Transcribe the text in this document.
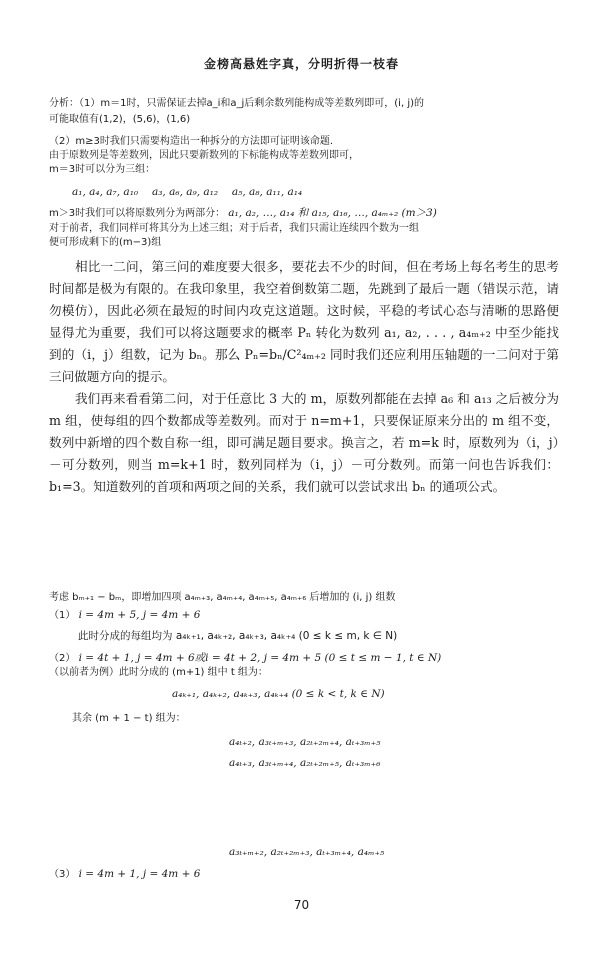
金榜高悬姓字真，分明折得一枝春
分析：（1）m＝1时，只需保证去掉a_i和a_j后剩余数列能构成等差数列即可，(i, j)的
可能取值有(1,2)，(5,6)，(1,6)
（2）m≥3时我们只需要构造出一种拆分的方法即可证明该命题.
由于原数列是等差数列，因此只要新数列的下标能构成等差数列即可，
m＝3时可以分为三组：
a₁, a₄, a₇, a₁₀　 a₃, a₆, a₉, a₁₂　 a₅, a₈, a₁₁, a₁₄
m＞3时我们可以将原数列分为两部分： a₁, a₂, …, a₁₄ 和 a₁₅, a₁₆, …, a₄ₘ₊₂ (m＞3)
对于前者，我们同样可将其分为上述三组；对于后者，我们只需让连续四个数为一组
便可形成剩下的(m−3)组

相比一二问，第三问的难度要大很多，要花去不少的时间，但在考场上每名考生的思考时间都是极为有限的。在我印象里，我空着倒数第二题，先跳到了最后一题（错误示范，请勿模仿），因此必须在最短的时间内攻克这道题。这时候，平稳的考试心态与清晰的思路便显得尤为重要，我们可以将这题要求的概率 Pₙ 转化为数列 a₁, a₂, . . . , a₄ₘ₊₂ 中至少能找到的（i，j）组数，记为 bₙ。那么 Pₙ=bₙ/C²₄ₘ₊₂ 同时我们还应利用压轴题的一二问对于第三问做题方向的提示。

我们再来看看第二问，对于任意比 3 大的 m，原数列都能在去掉 a₆ 和 a₁₃ 之后被分为 m 组，使每组的四个数都成等差数列。而对于 n=m+1，只要保证原来分出的 m 组不变，数列中新增的四个数自称一组，即可满足题目要求。换言之，若 m=k 时，原数列为（i，j）－可分数列，则当 m=k+1 时，数列同样为（i，j）－可分数列。而第一问也告诉我们：b₁=3。知道数列的首项和两项之间的关系，我们就可以尝试求出 bₙ 的通项公式。

考虑 bₘ₊₁ − bₘ，即增加四项 a₄ₘ₊₃, a₄ₘ₊₄, a₄ₘ₊₅, a₄ₘ₊₆ 后增加的 (i, j) 组数
（1） i = 4m + 5, j = 4m + 6
此时分成的每组均为 a₄ₖ₊₁, a₄ₖ₊₂, a₄ₖ₊₃, a₄ₖ₊₄ (0 ≤ k ≤ m, k ∈ N)
（2） i = 4t + 1, j = 4m + 6或i = 4t + 2, j = 4m + 5 (0 ≤ t ≤ m − 1, t ∈ N)
（以前者为例）此时分成的 (m+1) 组中 t 组为：
a₄ₖ₊₁, a₄ₖ₊₂, a₄ₖ₊₃, a₄ₖ₊₄ (0 ≤ k < t, k ∈ N)
其余 (m + 1 − t) 组为：
a₄ₜ₊₂, a₃ₜ₊ₘ₊₃, a₂ₜ₊₂ₘ₊₄, aₜ₊₃ₘ₊₅
a₄ₜ₊₃, a₃ₜ₊ₘ₊₄, a₂ₜ₊₂ₘ₊₅, aₜ₊₃ₘ₊₆
a₃ₜ₊ₘ₊₂, a₂ₜ₊₂ₘ₊₃, aₜ₊₃ₘ₊₄, a₄ₘ₊₅
（3） i = 4m + 1, j = 4m + 6
70
